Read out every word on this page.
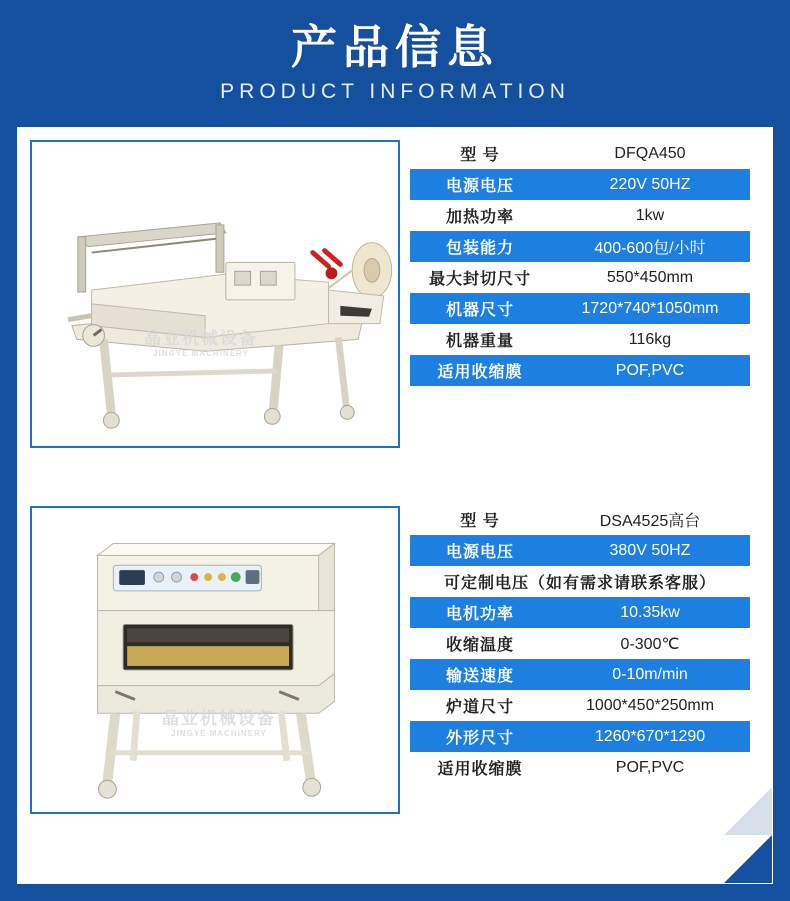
产品信息
PRODUCT INFORMATION
晶业机械设备
JINGYE MACHINERY
型 号	DFQA450
电源电压	220V 50HZ
加热功率	1kw
包装能力	400-600包/小时
最大封切尺寸	550*450mm
机器尺寸	1720*740*1050mm
机器重量	116kg
适用收缩膜	POF,PVC
晶业机械设备
JINGYE MACHINERY
型 号	DSA4525高台
电源电压	380V 50HZ
可定制电压（如有需求请联系客服）
电机功率	10.35kw
收缩温度	0-300℃
输送速度	0-10m/min
炉道尺寸	1000*450*250mm
外形尺寸	1260*670*1290
适用收缩膜	POF,PVC
